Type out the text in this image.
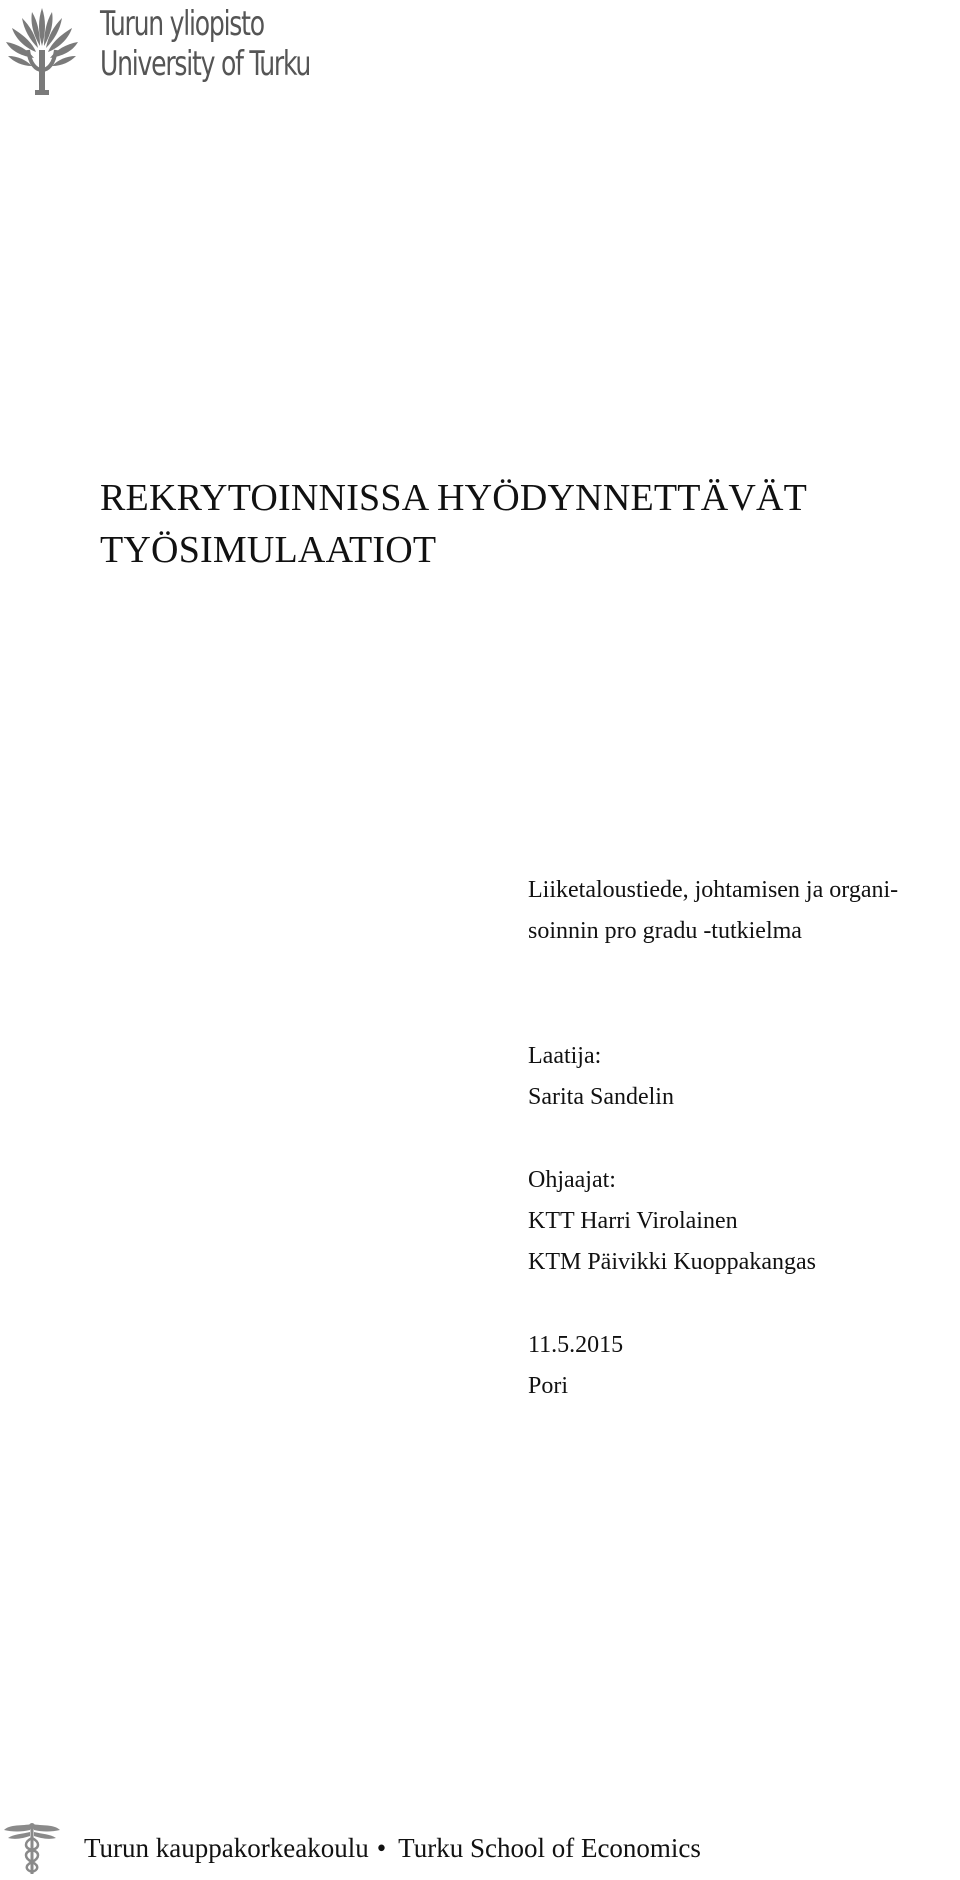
Turun yliopisto
University of Turku
REKRYTOINNISSA HYÖDYNNETTÄVÄT
TYÖSIMULAATIOT

Liiketaloustiede, johtamisen ja organi-

soinnin pro gradu -tutkielma

Laatija:

Sarita Sandelin

Ohjaajat:

KTT Harri Virolainen

KTM Päivikki Kuoppakangas

11.5.2015

Pori

Turun kauppakorkeakoulu • Turku School of Economics
